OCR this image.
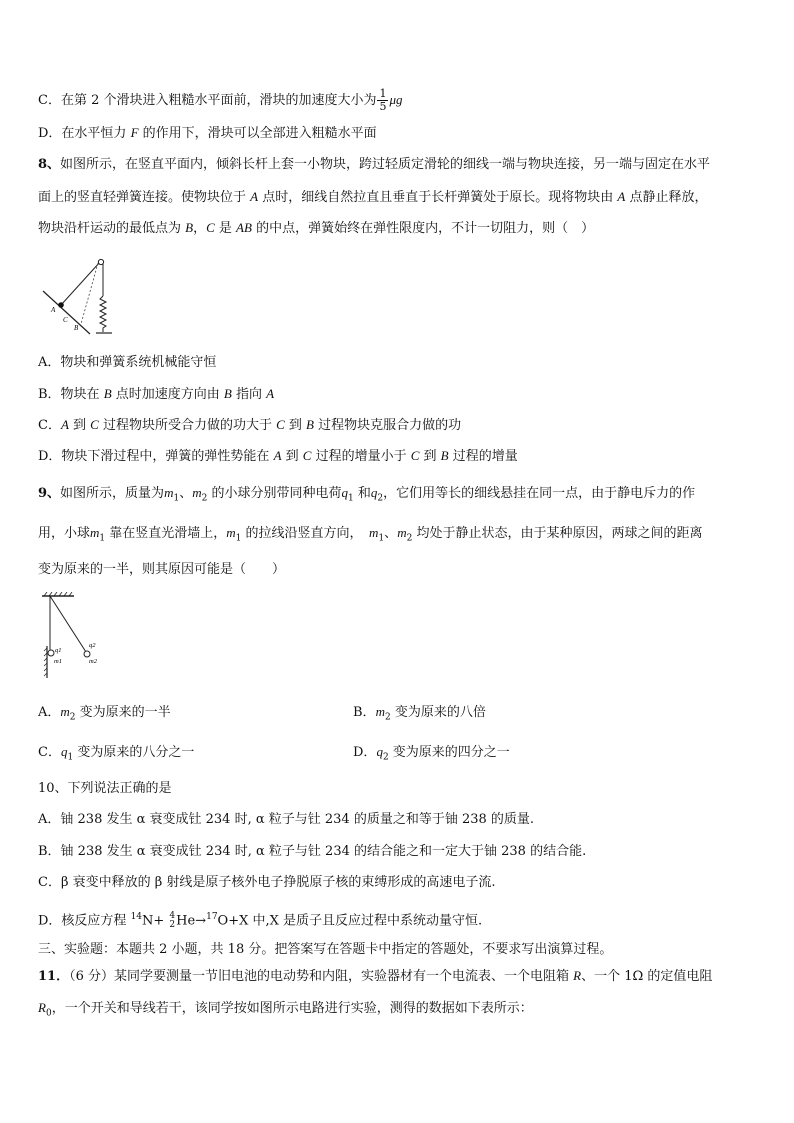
C．在第 2 个滑块进入粗糙水平面前，滑块的加速度大小为 $\frac{1}{5}$ μg
D．在水平恒力 F 的作用下，滑块可以全部进入粗糙水平面
8、如图所示，在竖直平面内，倾斜长杆上套一小物块，跨过轻质定滑轮的细线一端与物块连接，另一端与固定在水平
面上的竖直轻弹簧连接。使物块位于 A 点时，细线自然拉直且垂直于长杆弹簧处于原长。现将物块由 A 点静止释放，
物块沿杆运动的最低点为 B，C 是 AB 的中点，弹簧始终在弹性限度内，不计一切阻力，则（　）
A
C
B
A．物块和弹簧系统机械能守恒
B．物块在 B 点时加速度方向由 B 指向 A
C．A 到 C 过程物块所受合力做的功大于 C 到 B 过程物块克服合力做的功
D．物块下滑过程中，弹簧的弹性势能在 A 到 C 过程的增量小于 C 到 B 过程的增量
9、如图所示，质量为$m_1$、$m_2$ 的小球分别带同种电荷$q_1$ 和$q_2$，它们用等长的细线悬挂在同一点，由于静电斥力的作
用，小球$m_1$ 靠在竖直光滑墙上，$m_1$ 的拉线沿竖直方向，　$m_1$、$m_2$ 均处于静止状态，由于某种原因，两球之间的距离
变为原来的一半，则其原因可能是（　　）
q1
m1
q2
m2
A．$m_2$ 变为原来的一半	B．$m_2$ 变为原来的八倍
C．$q_1$ 变为原来的八分之一	D．$q_2$ 变为原来的四分之一
10、下列说法正确的是
A．铀 238 发生 α 衰变成钍 234 时, α 粒子与钍 234 的质量之和等于铀 238 的质量.
B．铀 238 发生 α 衰变成钍 234 时, α 粒子与钍 234 的结合能之和一定大于铀 238 的结合能.
C．β 衰变中释放的 β 射线是原子核外电子挣脱原子核的束缚形成的高速电子流.
D．核反应方程 $^{14}$N+ 4
2 He→$^{17}$O+X 中,X 是质子且反应过程中系统动量守恒.
三、实验题：本题共 2 小题，共 18 分。把答案写在答题卡中指定的答题处，不要求写出演算过程。
11．（6 分）某同学要测量一节旧电池的电动势和内阻，实验器材有一个电流表、一个电阻箱 R、一个 1Ω 的定值电阻
$R_0$，一个开关和导线若干，该同学按如图所示电路进行实验，测得的数据如下表所示：
